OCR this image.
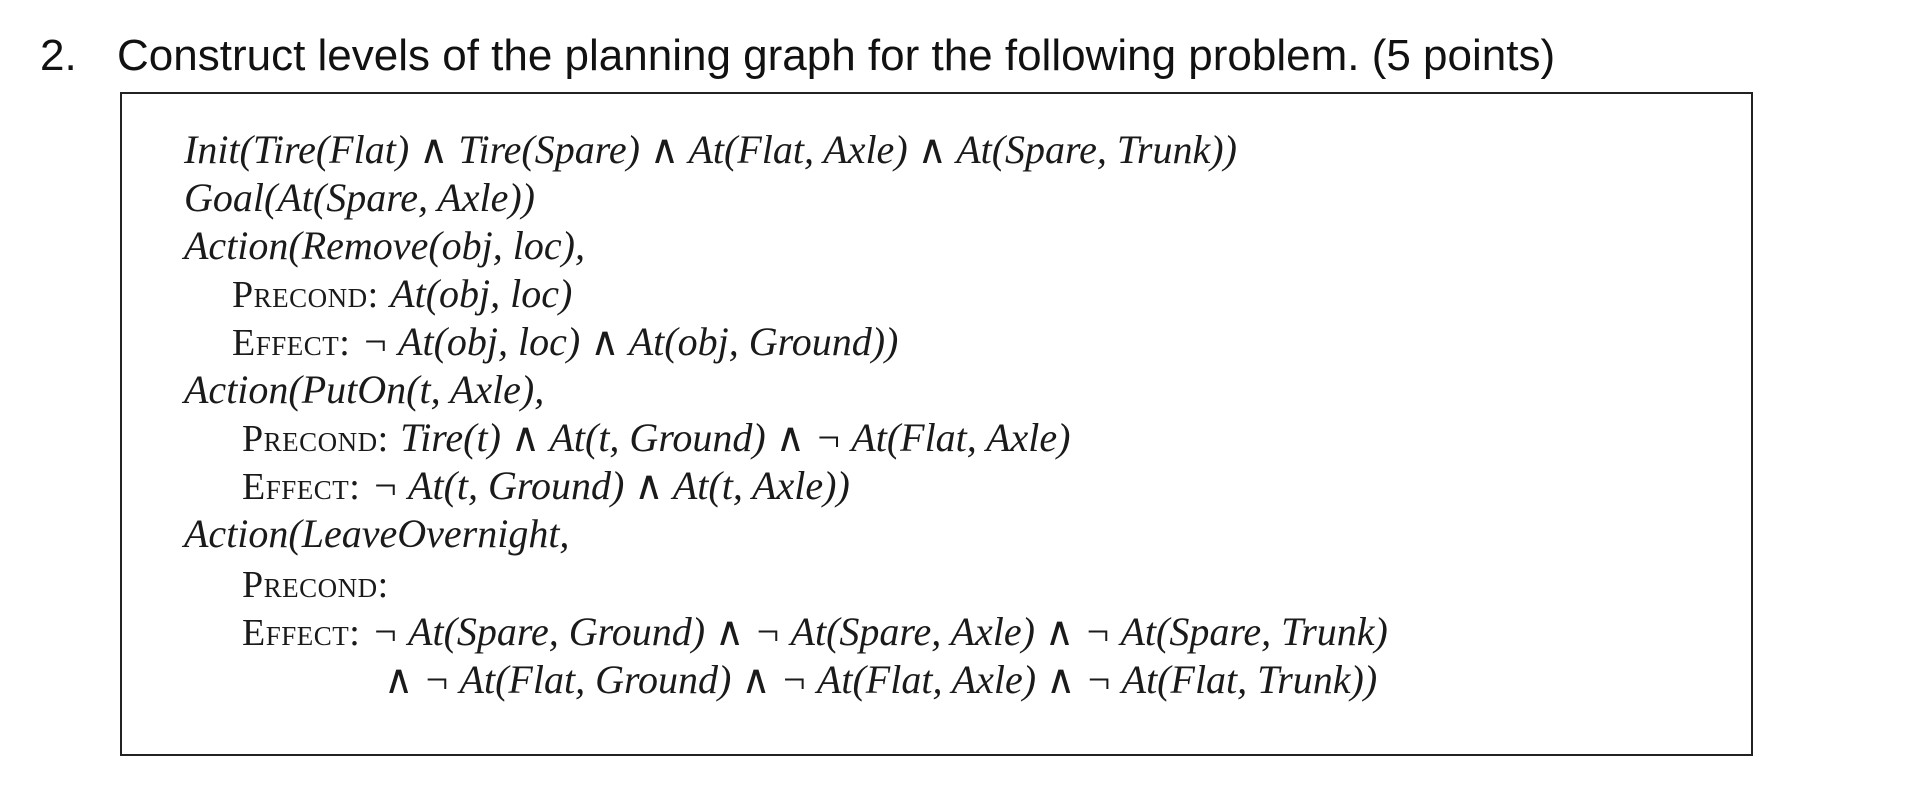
2. Construct levels of the planning graph for the following problem. (5 points)
Init(Tire(Flat) ∧ Tire(Spare) ∧ At(Flat, Axle) ∧ At(Spare, Trunk))
Goal(At(Spare, Axle))
Action(Remove(obj, loc),
Precond: At(obj, loc)
Effect: ¬ At(obj, loc) ∧ At(obj, Ground))
Action(PutOn(t, Axle),
Precond: Tire(t) ∧ At(t, Ground) ∧ ¬ At(Flat, Axle)
Effect: ¬ At(t, Ground) ∧ At(t, Axle))
Action(LeaveOvernight,
Precond:
Effect: ¬ At(Spare, Ground) ∧ ¬ At(Spare, Axle) ∧ ¬ At(Spare, Trunk)
∧ ¬ At(Flat, Ground) ∧ ¬ At(Flat, Axle) ∧ ¬ At(Flat, Trunk))
